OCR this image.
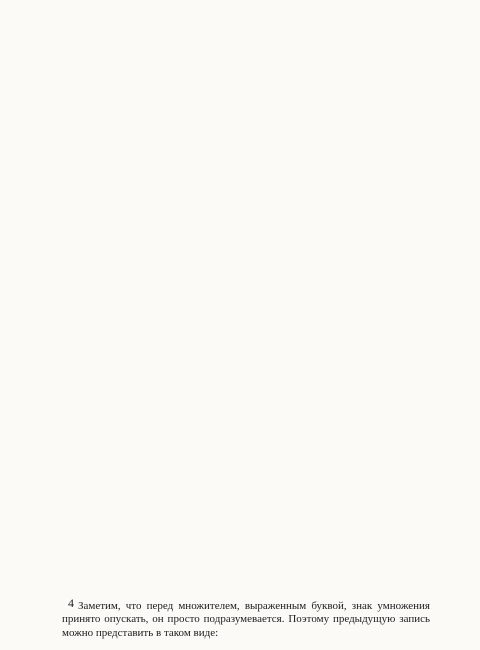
Заметим, что перед множителем, выраженным буквой, знак умножения принято опускать, он просто подразумевается. Поэтому предыдущую запись можно представить в таком виде:

4
